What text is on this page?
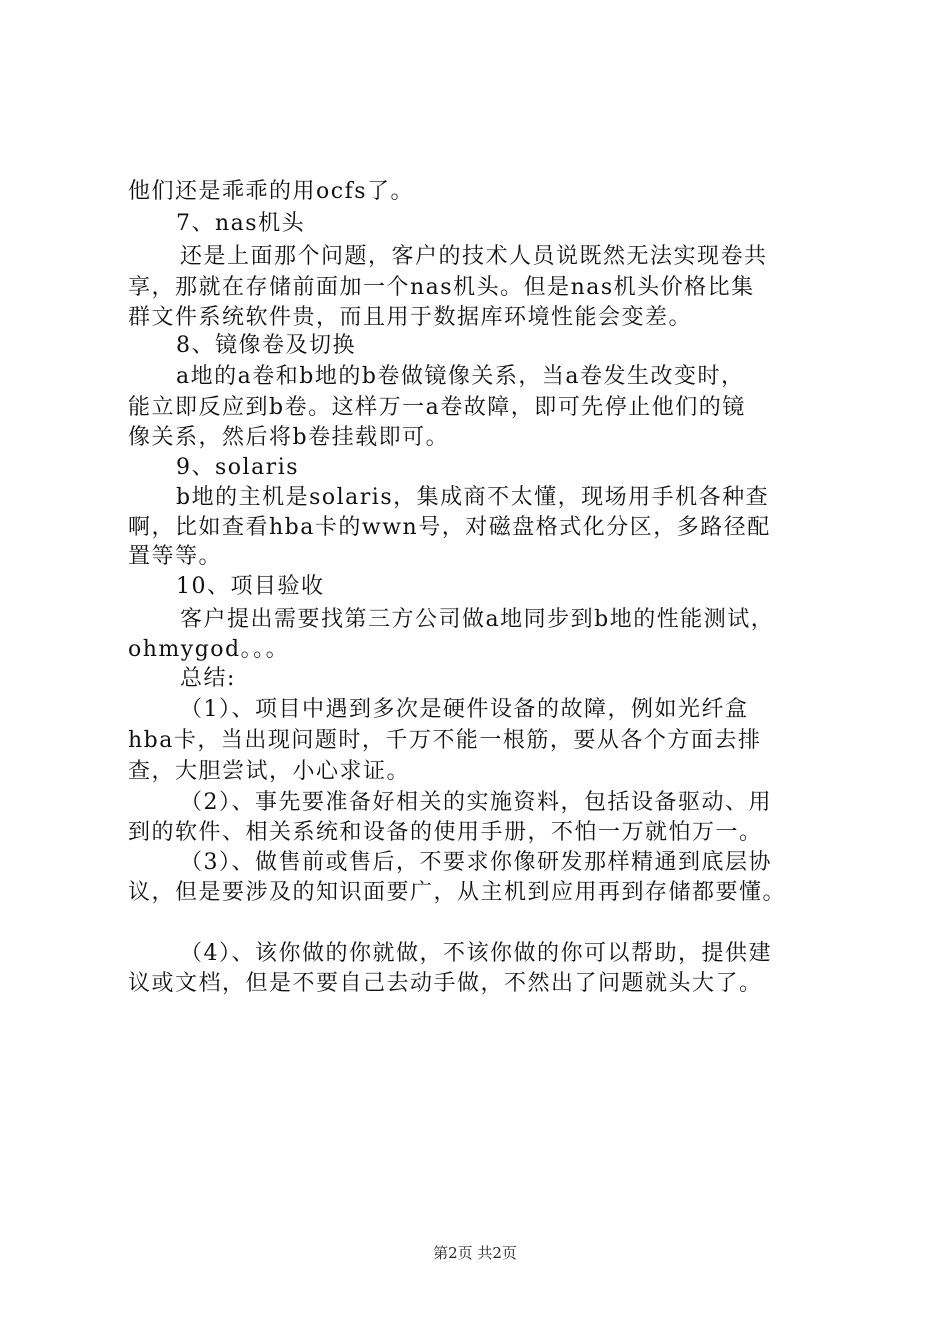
他们还是乖乖的用ocfs了。
7、nas机头
还是上面那个问题，客户的技术人员说既然无法实现卷共
享，那就在存储前面加一个nas机头。但是nas机头价格比集
群文件系统软件贵，而且用于数据库环境性能会变差。
8、镜像卷及切换
a地的a卷和b地的b卷做镜像关系，当a卷发生改变时，
能立即反应到b卷。这样万一a卷故障，即可先停止他们的镜
像关系，然后将b卷挂载即可。
9、solaris
b地的主机是solaris，集成商不太懂，现场用手机各种查
啊，比如查看hba卡的wwn号，对磁盘格式化分区，多路径配
置等等。
10、项目验收
客户提出需要找第三方公司做a地同步到b地的性能测试，
ohmygod。。。
总结:
（1）、项目中遇到多次是硬件设备的故障，例如光纤盒
hba卡，当出现问题时，千万不能一根筋，要从各个方面去排
查，大胆尝试，小心求证。
（2）、事先要准备好相关的实施资料，包括设备驱动、用
到的软件、相关系统和设备的使用手册，不怕一万就怕万一。
（3）、做售前或售后，不要求你像研发那样精通到底层协
议，但是要涉及的知识面要广，从主机到应用再到存储都要懂。
（4）、该你做的你就做，不该你做的你可以帮助，提供建
议或文档，但是不要自己去动手做，不然出了问题就头大了。
第2页 共2页
